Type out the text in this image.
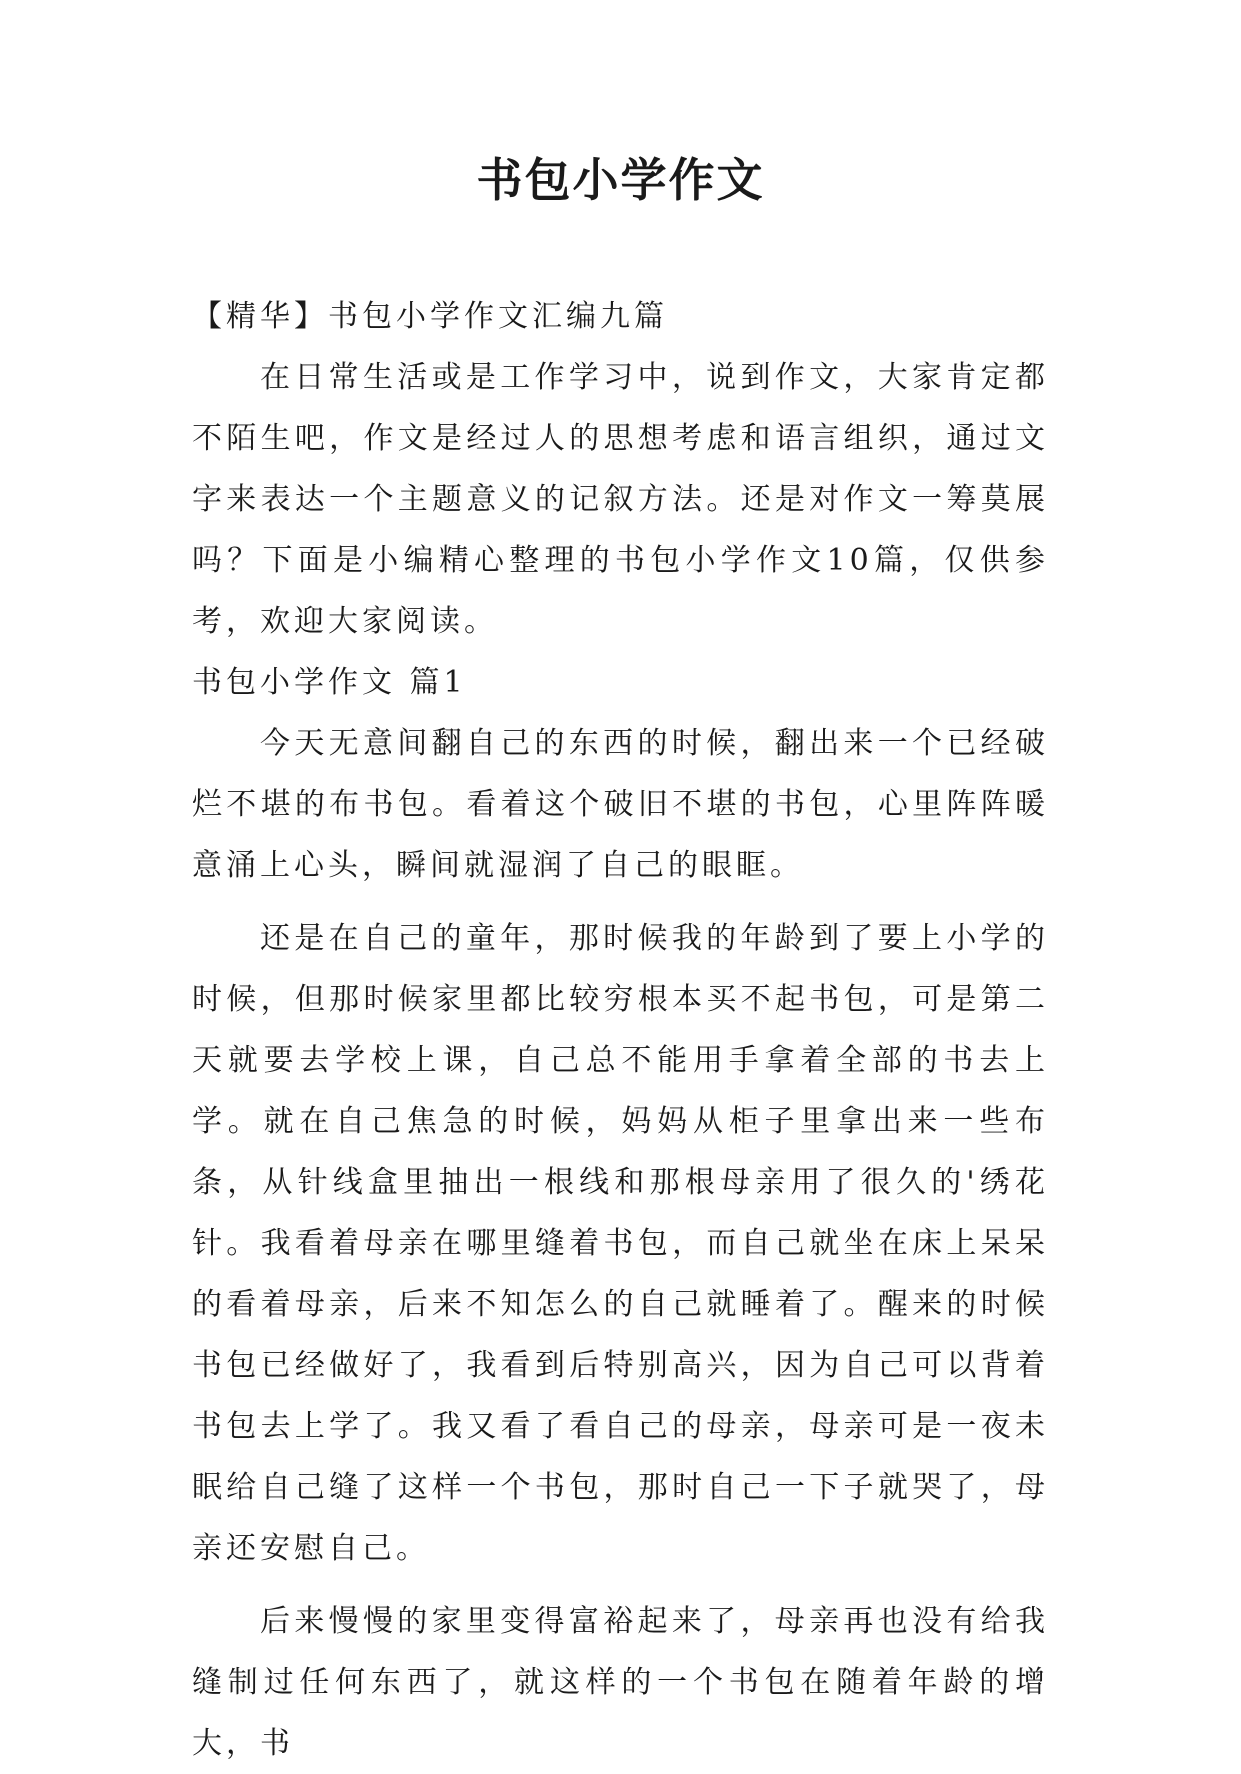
书包小学作文

【精华】书包小学作文汇编九篇

在日常生活或是工作学习中，说到作文，大家肯定都不陌生吧，作文是经过人的思想考虑和语言组织，通过文字来表达一个主题意义的记叙方法。还是对作文一筹莫展吗？下面是小编精心整理的书包小学作文10篇，仅供参考，欢迎大家阅读。

书包小学作文 篇1

今天无意间翻自己的东西的时候，翻出来一个已经破烂不堪的布书包。看着这个破旧不堪的书包，心里阵阵暖意涌上心头，瞬间就湿润了自己的眼眶。

还是在自己的童年，那时候我的年龄到了要上小学的时候，但那时候家里都比较穷根本买不起书包，可是第二天就要去学校上课，自己总不能用手拿着全部的书去上学。就在自己焦急的时候，妈妈从柜子里拿出来一些布条，从针线盒里抽出一根线和那根母亲用了很久的'绣花针。我看着母亲在哪里缝着书包，而自己就坐在床上呆呆的看着母亲，后来不知怎么的自己就睡着了。醒来的时候书包已经做好了，我看到后特别高兴，因为自己可以背着书包去上学了。我又看了看自己的母亲，母亲可是一夜未眠给自己缝了这样一个书包，那时自己一下子就哭了，母亲还安慰自己。

后来慢慢的家里变得富裕起来了，母亲再也没有给我缝制过任何东西了，就这样的一个书包在随着年龄的增大，书
